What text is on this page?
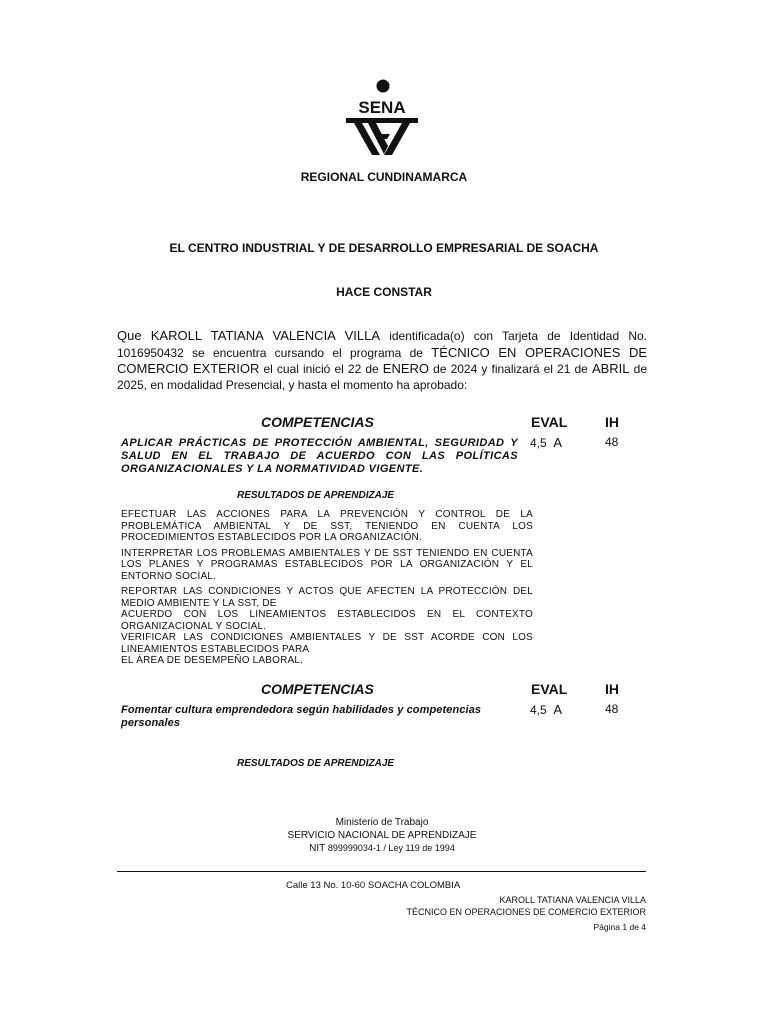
SENA
REGIONAL CUNDINAMARCA
EL CENTRO INDUSTRIAL Y DE DESARROLLO EMPRESARIAL DE SOACHA
HACE CONSTAR
Que KAROLL TATIANA VALENCIA VILLA identificada(o) con Tarjeta de Identidad No. 1016950432 se encuentra cursando el programa de TÉCNICO EN OPERACIONES DE COMERCIO EXTERIOR el cual inició el 22 de ENERO de 2024 y finalizará el 21 de ABRIL de 2025, en modalidad Presencial, y hasta el momento ha aprobado:
COMPETENCIAS	EVAL	IH
APLICAR PRÁCTICAS DE PROTECCIÓN AMBIENTAL, SEGURIDAD Y SALUD EN EL TRABAJO DE ACUERDO CON LAS POLÍTICAS ORGANIZACIONALES Y LA NORMATIVIDAD VIGENTE.
4,5 A	48
RESULTADOS DE APRENDIZAJE

EFECTUAR LAS ACCIONES PARA LA PREVENCIÓN Y CONTROL DE LA PROBLEMÁTICA AMBIENTAL Y DE SST, TENIENDO EN CUENTA LOS PROCEDIMIENTOS ESTABLECIDOS POR LA ORGANIZACIÓN.

INTERPRETAR LOS PROBLEMAS AMBIENTALES Y DE SST TENIENDO EN CUENTA LOS PLANES Y PROGRAMAS ESTABLECIDOS POR LA ORGANIZACIÓN Y EL ENTORNO SOCIAL.

REPORTAR LAS CONDICIONES Y ACTOS QUE AFECTEN LA PROTECCIÓN DEL MEDIO AMBIENTE Y LA SST, DE
ACUERDO CON LOS LINEAMIENTOS ESTABLECIDOS EN EL CONTEXTO ORGANIZACIONAL Y SOCIAL.
VERIFICAR LAS CONDICIONES AMBIENTALES Y DE SST ACORDE CON LOS LINEAMIENTOS ESTABLECIDOS PARA
EL ÁREA DE DESEMPEÑO LABORAL.

COMPETENCIAS	EVAL	IH
Fomentar cultura emprendedora según habilidades y competencias personales
4,5 A	48
RESULTADOS DE APRENDIZAJE
Ministerio de Trabajo
SERVICIO NACIONAL DE APRENDIZAJE
NIT 899999034-1 / Ley 119 de 1994
Calle 13 No. 10-60 SOACHA COLOMBIA
KAROLL TATIANA VALENCIA VILLA
TÉCNICO EN OPERACIONES DE COMERCIO EXTERIOR
Página 1 de 4
